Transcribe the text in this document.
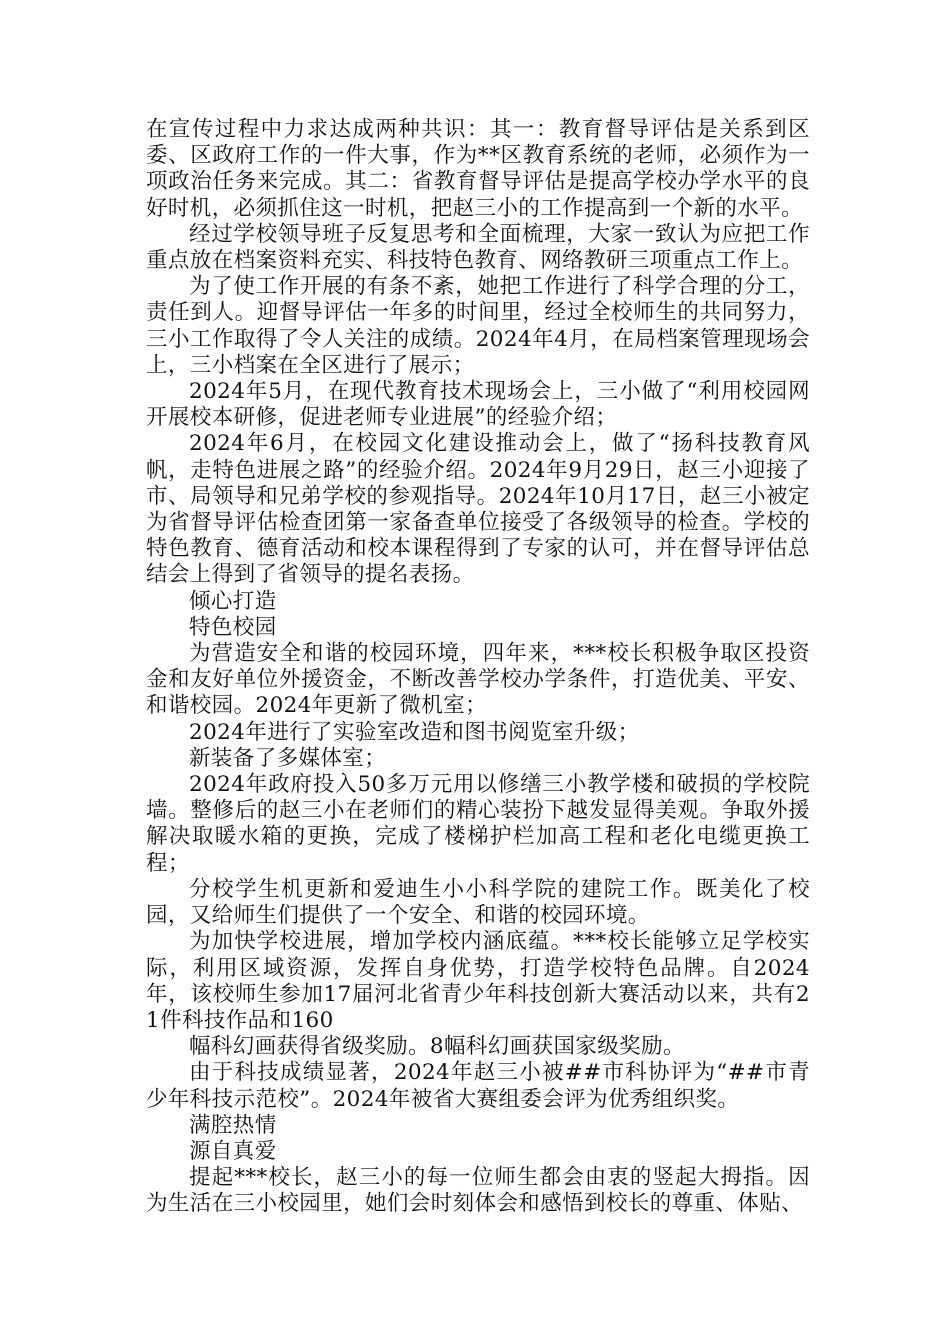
在宣传过程中力求达成两种共识：其一：教育督导评估是关系到区委、区政府工作的一件大事，作为**区教育系统的老师，必须作为一项政治任务来完成。其二：省教育督导评估是提高学校办学水平的良好时机，必须抓住这一时机，把赵三小的工作提高到一个新的水平。

经过学校领导班子反复思考和全面梳理，大家一致认为应把工作重点放在档案资料充实、科技特色教育、网络教研三项重点工作上。

为了使工作开展的有条不紊，她把工作进行了科学合理的分工，责任到人。迎督导评估一年多的时间里，经过全校师生的共同努力，三小工作取得了令人关注的成绩。2024年4月，在局档案管理现场会上，三小档案在全区进行了展示；

2024年5月，在现代教育技术现场会上，三小做了“利用校园网开展校本研修，促进老师专业进展”的经验介绍；

2024年6月，在校园文化建设推动会上，做了“扬科技教育风帆，走特色进展之路”的经验介绍。2024年9月29日，赵三小迎接了市、局领导和兄弟学校的参观指导。2024年10月17日，赵三小被定为省督导评估检查团第一家备查单位接受了各级领导的检查。学校的特色教育、德育活动和校本课程得到了专家的认可，并在督导评估总结会上得到了省领导的提名表扬。

倾心打造

特色校园

为营造安全和谐的校园环境，四年来，***校长积极争取区投资金和友好单位外援资金，不断改善学校办学条件，打造优美、平安、和谐校园。2024年更新了微机室；

2024年进行了实验室改造和图书阅览室升级；

新装备了多媒体室；

2024年政府投入50多万元用以修缮三小教学楼和破损的学校院墙。整修后的赵三小在老师们的精心装扮下越发显得美观。争取外援解决取暖水箱的更换，完成了楼梯护栏加高工程和老化电缆更换工程；

分校学生机更新和爱迪生小小科学院的建院工作。既美化了校园，又给师生们提供了一个安全、和谐的校园环境。

为加快学校进展，增加学校内涵底蕴。***校长能够立足学校实际，利用区域资源，发挥自身优势，打造学校特色品牌。自2024年，该校师生参加17届河北省青少年科技创新大赛活动以来，共有21件科技作品和160

幅科幻画获得省级奖励。8幅科幻画获国家级奖励。

由于科技成绩显著，2024年赵三小被##市科协评为“##市青少年科技示范校”。2024年被省大赛组委会评为优秀组织奖。

满腔热情

源自真爱

提起***校长，赵三小的每一位师生都会由衷的竖起大拇指。因为生活在三小校园里，她们会时刻体会和感悟到校长的尊重、体贴、
